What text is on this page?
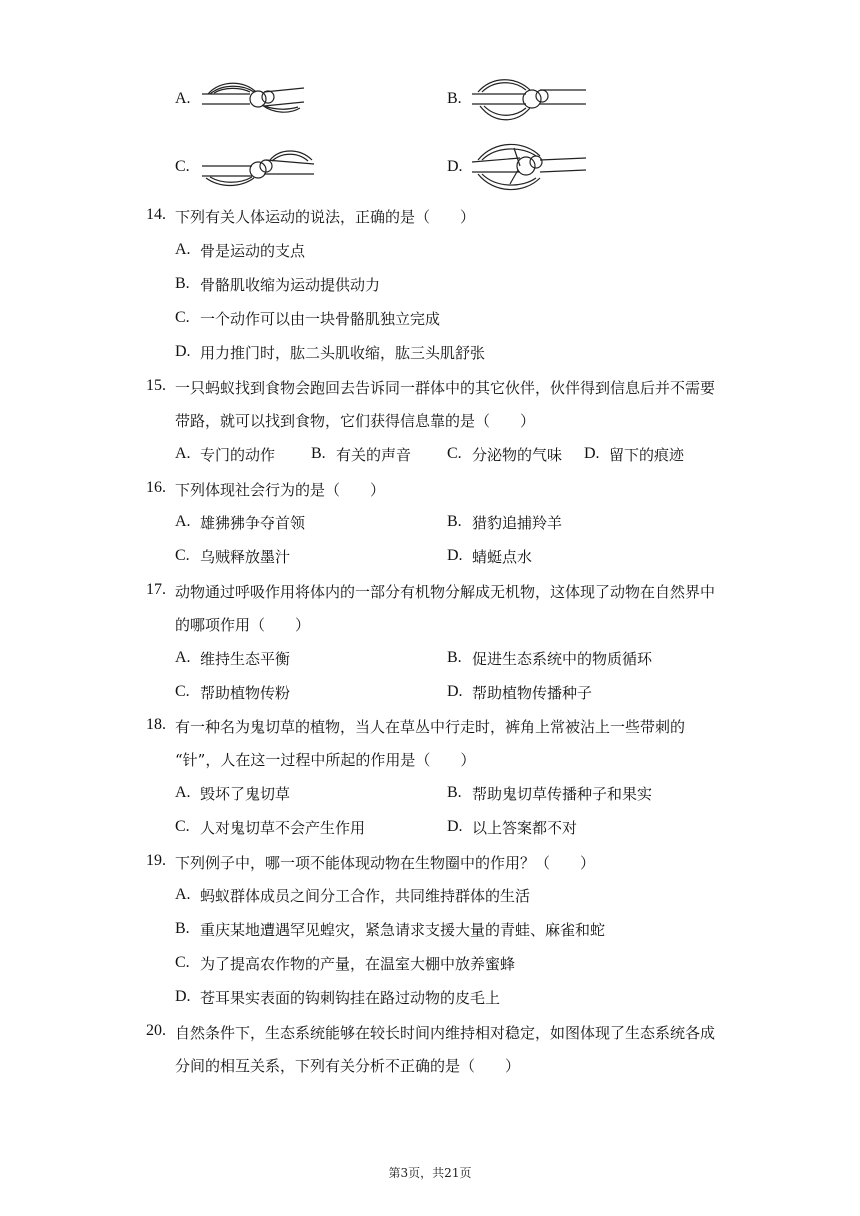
A.	B.
C.	D.
14. 下列有关人体运动的说法，正确的是（　　）
A. 骨是运动的支点
B. 骨骼肌收缩为运动提供动力
C. 一个动作可以由一块骨骼肌独立完成
D. 用力推门时，肱二头肌收缩，肱三头肌舒张
15. 一只蚂蚁找到食物会跑回去告诉同一群体中的其它伙伴，伙伴得到信息后并不需要
带路，就可以找到食物，它们获得信息靠的是（　　）
A. 专门的动作 B. 有关的声音 C. 分泌物的气味 D. 留下的痕迹
16. 下列体现社会行为的是（　　）
A. 雄狒狒争夺首领	B. 猎豹追捕羚羊
C. 乌贼释放墨汁	D. 蜻蜓点水
17. 动物通过呼吸作用将体内的一部分有机物分解成无机物，这体现了动物在自然界中
的哪项作用（　　）
A. 维持生态平衡	B. 促进生态系统中的物质循环
C. 帮助植物传粉	D. 帮助植物传播种子
18. 有一种名为鬼切草的植物，当人在草丛中行走时，裤角上常被沾上一些带刺的
“针”，人在这一过程中所起的作用是（　　）
A. 毁坏了鬼切草	B. 帮助鬼切草传播种子和果实
C. 人对鬼切草不会产生作用	D. 以上答案都不对
19. 下列例子中，哪一项不能体现动物在生物圈中的作用？（　　）
A. 蚂蚁群体成员之间分工合作，共同维持群体的生活
B. 重庆某地遭遇罕见蝗灾，紧急请求支援大量的青蛙、麻雀和蛇
C. 为了提高农作物的产量，在温室大棚中放养蜜蜂
D. 苍耳果实表面的钩刺钩挂在路过动物的皮毛上
20. 自然条件下，生态系统能够在较长时间内维持相对稳定，如图体现了生态系统各成
分间的相互关系，下列有关分析不正确的是（　　）
第3页，共21页
